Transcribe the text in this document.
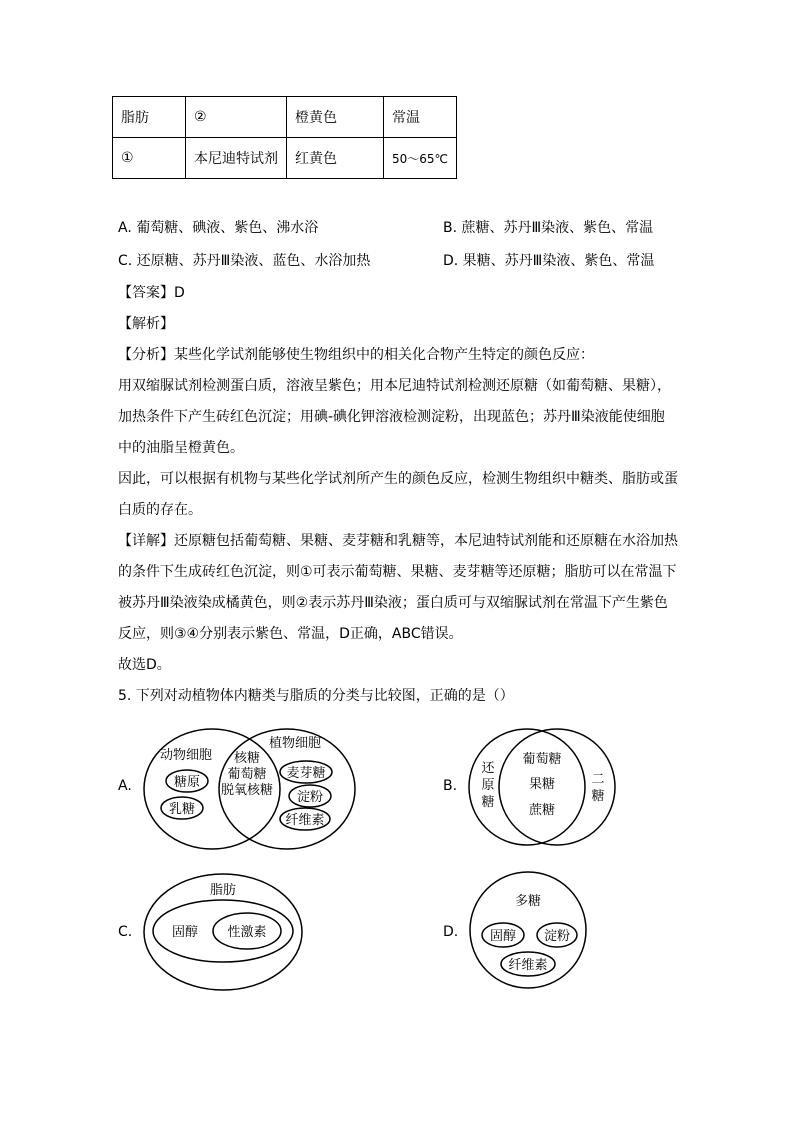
脂肪	②	橙黄色	常温
①	本尼迪特试剂	红黄色	50～65℃
A. 葡萄糖、碘液、紫色、沸水浴	B. 蔗糖、苏丹Ⅲ染液、紫色、常温
C. 还原糖、苏丹Ⅲ染液、蓝色、水浴加热	D. 果糖、苏丹Ⅲ染液、紫色、常温
【答案】D
【解析】
【分析】某些化学试剂能够使生物组织中的相关化合物产生特定的颜色反应：
用双缩脲试剂检测蛋白质，溶液呈紫色；用本尼迪特试剂检测还原糖（如葡萄糖、果糖），
加热条件下产生砖红色沉淀；用碘-碘化钾溶液检测淀粉，出现蓝色；苏丹Ⅲ染液能使细胞
中的油脂呈橙黄色。
因此，可以根据有机物与某些化学试剂所产生的颜色反应，检测生物组织中糖类、脂肪或蛋
白质的存在。
【详解】还原糖包括葡萄糖、果糖、麦芽糖和乳糖等，本尼迪特试剂能和还原糖在水浴加热
的条件下生成砖红色沉淀，则①可表示葡萄糖、果糖、麦芽糖等还原糖；脂肪可以在常温下
被苏丹Ⅲ染液染成橘黄色，则②表示苏丹Ⅲ染液；蛋白质可与双缩脲试剂在常温下产生紫色
反应，则③④分别表示紫色、常温，D正确，ABC错误。
故选D。
5. 下列对动植物体内糖类与脂质的分类与比较图，正确的是（）
A.
动物细胞
植物细胞
核糖
葡萄糖
脱氧核糖
糖原
乳糖
麦芽糖
淀粉
纤维素
B.
还
原
糖
二
糖
葡萄糖
果糖
蔗糖
C.
脂肪
固醇 性激素	D.
多糖
固醇 淀粉
纤维素
